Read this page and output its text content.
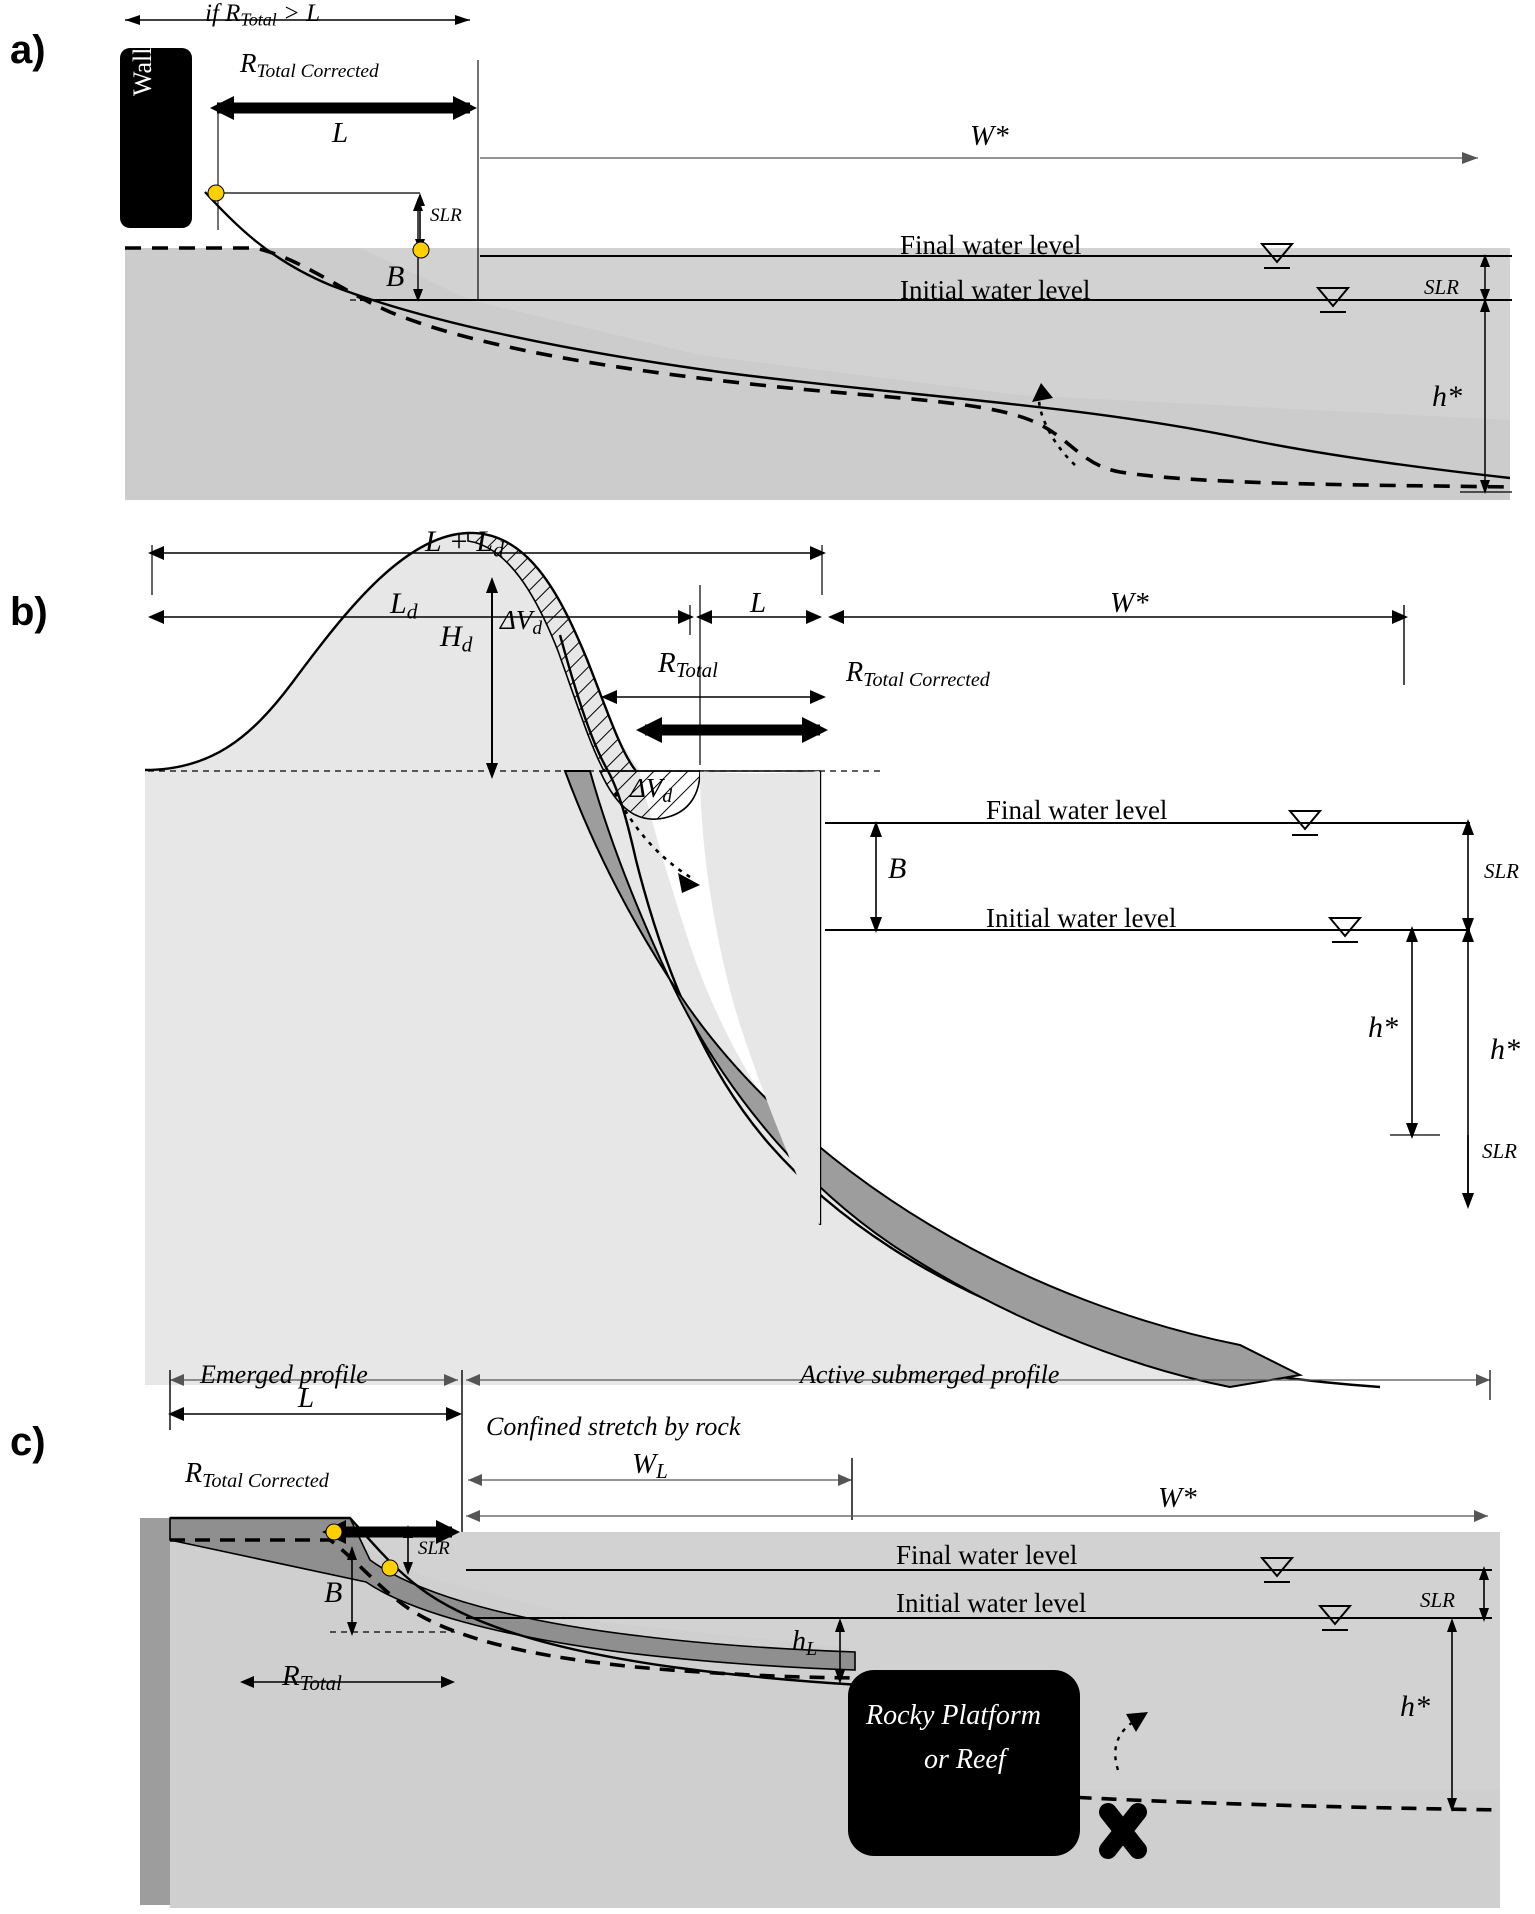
a)
if $R_{Total} > L$
$R_{Total Corrected}$
L	W*
SLR
B
Final water level
Initial water level	SLR
h*
Wall
b)
$L + L_d$
$L_d$	L	W*
$H_d$
$\Delta V_d$
$R_{Total}$	$R_{Total Corrected}$
$\Delta V_d$	Final water level
B
Initial water level
SLR
h*
h*
SLR
c)
Emerged profile	Active submerged profile
L
Confined stretch by rock
$W_L$
$R_{Total Corrected}$
W*
SLR
B
Final water level
Initial water level	SLR
$R_{Total}$
$h_L$
h*
Rocky Platform
or Reef
